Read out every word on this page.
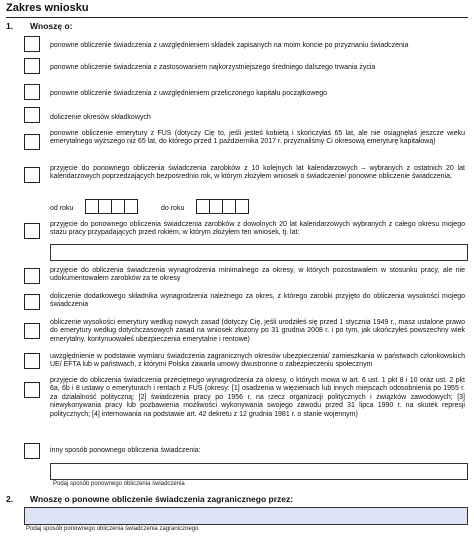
Zakres wniosku
1. Wnoszę o:
ponowne obliczenie świadczenia z uwzględnieniem składek zapisanych na moim koncie po przyznaniu świadczenia
ponowne obliczenie świadczenia z zastosowaniem najkorzystniejszego średniego dalszego trwania życia
ponowne obliczenie świadczenia z uwzględnieniem przeliczonego kapitału początkowego
doliczenie okresów składkowych
ponowne obliczenie emerytury z FUS (dotyczy Cię to, jeśli jesteś kobietą i skończyłaś 65 lat, ale nie osiągnęłaś jeszcze wieku emerytalnego wyższego niż 65 lat, do którego przed 1 października 2017 r. przyznaliśmy Ci okresową emeryturę kapitałową)
przyjęcie do ponownego obliczenia świadczenia zarobków z 10 kolejnych lat kalendarzowych – wybranych z ostatnich 20 lat kalendarzowych poprzedzających bezpośrednio rok, w którym złożyłem wniosek o świadczenie/ ponowne obliczenie świadczenia,
od roku	do roku
przyjęcie do ponownego obliczenia świadczenia zarobków z dowolnych 20 lat kalendarzowych wybranych z całego okresu mojego stażu pracy przypadających przed rokiem, w którym złożyłem ten wniosek, tj. lat:
przyjęcie do obliczenia świadczenia wynagrodzenia minimalnego za okresy, w których pozostawałem w stosunku pracy, ale nie udokumentowałem zarobków za te okresy
doliczenie dodatkowego składnika wynagrodzenia należnego za okres, z którego zarobki przyjęto do obliczenia wysokości mojego świadczenia
obliczenie wysokości emerytury według nowych zasad (dotyczy Cię, jeśli urodziłeś się przed 1 stycznia 1949 r., masz ustalone prawo do emerytury według dotychczasowych zasad na wniosek złożony po 31 grudnia 2008 r. i po tym, jak ukończyłeś powszechny wiek emerytalny, kontynuowałeś ubezpieczenia emerytalne i rentowe)
uwzględnienie w podstawie wymiaru świadczenia zagranicznych okresów ubezpieczenia/ zamieszkania w państwach członkowskich UE/ EFTA lub w państwach, z którymi Polska zawarła umowy dwustronne o zabezpieczeniu społecznym
przyjęcie do obliczenia świadczenia przeciętnego wynagrodzenia za okresy, o których mowa w art. 6 ust. 1 pkt 8 i 10 oraz ust. 2 pkt 6a, 6b i 8 ustawy o emeryturach i rentach z FUS (okresy: [1] osadzenia w więzieniach lub innych miejscach odosobnienia po 1955 r. za działalność polityczną; [2] świadczenia pracy po 1956 r. na rzecz organizacji politycznych i związków zawodowych; [3] niewykonywania pracy lub pozbawienia możliwości wykonywania swojego zawodu przed 31 lipca 1990 r. na skutek represji politycznych; [4] internowania na podstawie art. 42 dekretu z 12 grudnia 1981 r. o stanie wojennym)
inny sposób ponownego obliczenia świadczenia:
Podaj sposób ponownego obliczenia świadczenia
2. Wnoszę o ponowne obliczenie świadczenia zagranicznego przez:
Podaj sposób ponownego obliczenia świadczenia zagranicznego
